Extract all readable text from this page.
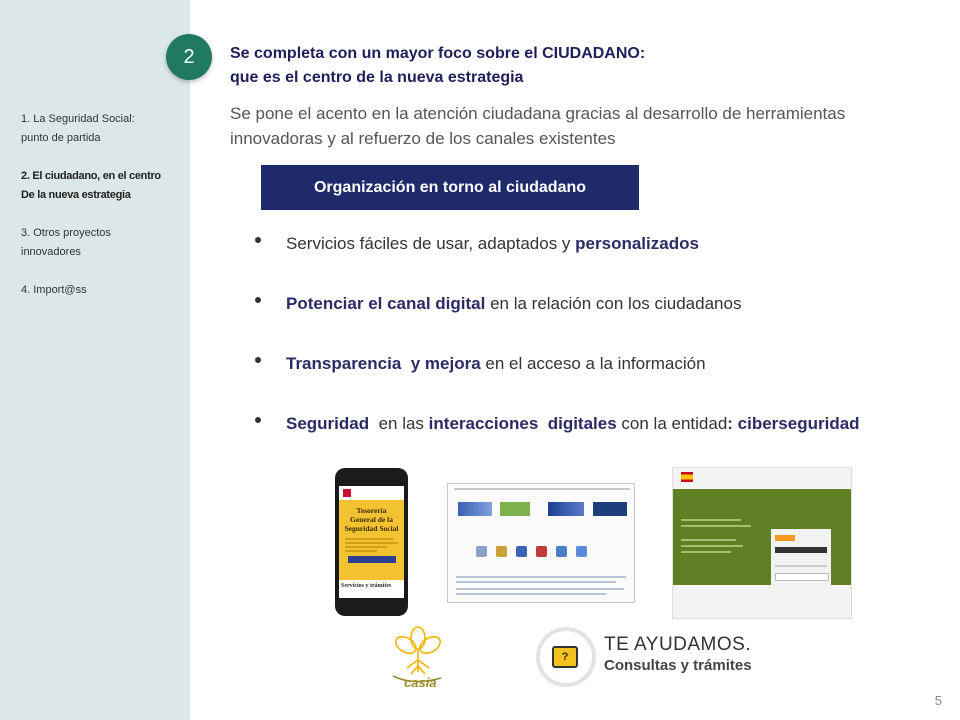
1. La Seguridad Social:
punto de partida
2. El ciudadano, en el centro
De la nueva estrategia
3. Otros proyectos
innovadores
4. Import@ss
2	Se completa con un mayor foco sobre el CIUDADANO:
que es el centro de la nueva estrategia
Se pone el acento en la atención ciudadana gracias al desarrollo de herramientas
innovadoras y al refuerzo de los canales existentes
Organización en torno al ciudadano
Servicios fáciles de usar, adaptados y personalizados
Potenciar el canal digital en la relación con los ciudadanos
Transparencia  y mejora en el acceso a la información
Seguridad  en las interacciones  digitales con la entidad: ciberseguridad
Tesorería
General de la
Seguridad Social
Servicios y trámites
casia
?
TE AYUDAMOS.
Consultas y trámites
5
